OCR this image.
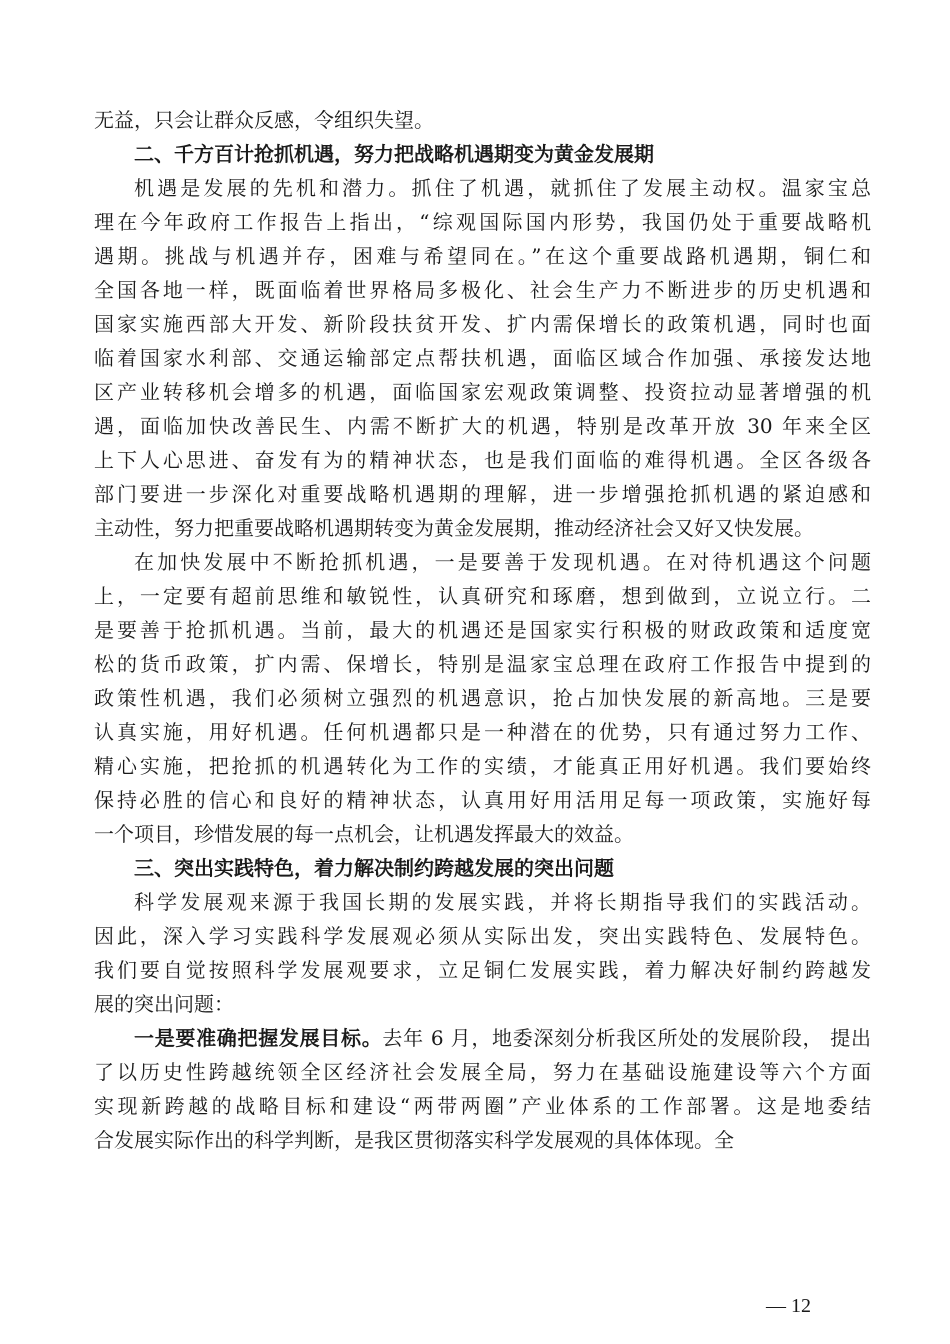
无益，只会让群众反感，令组织失望。
二、千方百计抢抓机遇，努力把战略机遇期变为黄金发展期
机遇是发展的先机和潜力。抓住了机遇，就抓住了发展主动权。温家宝总
理在今年政府工作报告上指出，“综观国际国内形势，我国仍处于重要战略机
遇期。挑战与机遇并存，困难与希望同在。”在这个重要战路机遇期，铜仁和
全国各地一样，既面临着世界格局多极化、社会生产力不断进步的历史机遇和
国家实施西部大开发、新阶段扶贫开发、扩内需保增长的政策机遇，同时也面
临着国家水利部、交通运输部定点帮扶机遇，面临区域合作加强、承接发达地
区产业转移机会增多的机遇，面临国家宏观政策调整、投资拉动显著增强的机
遇，面临加快改善民生、内需不断扩大的机遇，特别是改革开放 30 年来全区
上下人心思进、奋发有为的精神状态，也是我们面临的难得机遇。全区各级各
部门要进一步深化对重要战略机遇期的理解，进一步增强抢抓机遇的紧迫感和
主动性，努力把重要战略机遇期转变为黄金发展期，推动经济社会又好又快发展。
在加快发展中不断抢抓机遇，一是要善于发现机遇。在对待机遇这个问题
上，一定要有超前思维和敏锐性，认真研究和琢磨，想到做到，立说立行。二
是要善于抢抓机遇。当前，最大的机遇还是国家实行积极的财政政策和适度宽
松的货币政策，扩内需、保增长，特别是温家宝总理在政府工作报告中提到的
政策性机遇，我们必须树立强烈的机遇意识，抢占加快发展的新高地。三是要
认真实施，用好机遇。任何机遇都只是一种潜在的优势，只有通过努力工作、
精心实施，把抢抓的机遇转化为工作的实绩，才能真正用好机遇。我们要始终
保持必胜的信心和良好的精神状态，认真用好用活用足每一项政策，实施好每
一个项目，珍惜发展的每一点机会，让机遇发挥最大的效益。
三、突出实践特色，着力解决制约跨越发展的突出问题
科学发展观来源于我国长期的发展实践，并将长期指导我们的实践活动。
因此，深入学习实践科学发展观必须从实际出发，突出实践特色、发展特色。
我们要自觉按照科学发展观要求，立足铜仁发展实践，着力解决好制约跨越发
展的突出问题：
一是要准确把握发展目标。去年 6 月，地委深刻分析我区所处的发展阶段， 提出
了以历史性跨越统领全区经济社会发展全局，努力在基础设施建设等六个方面
实现新跨越的战略目标和建设“两带两圈”产业体系的工作部署。这是地委结
合发展实际作出的科学判断，是我区贯彻落实科学发展观的具体体现。全
— 12
